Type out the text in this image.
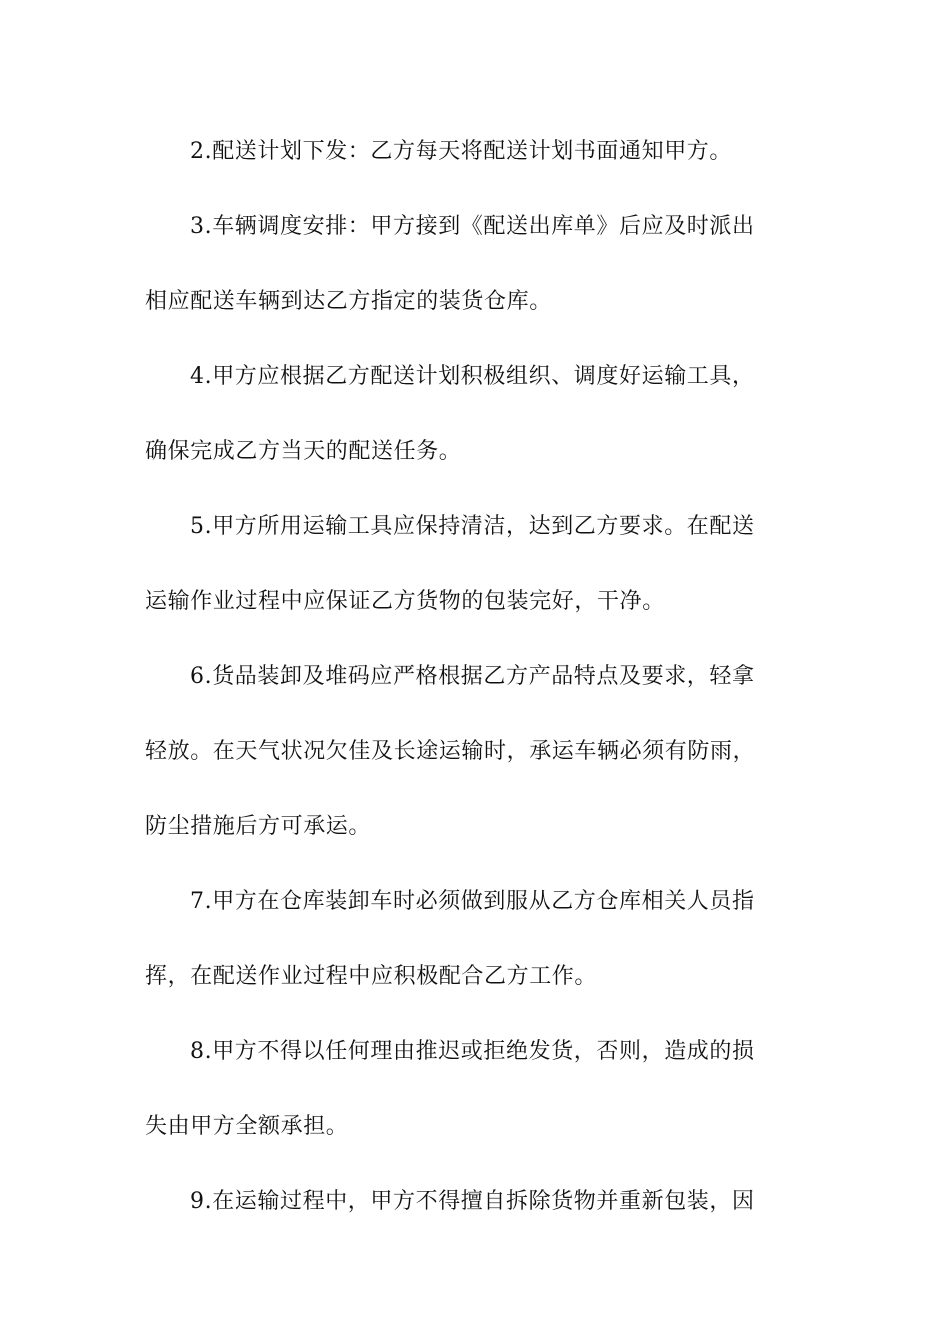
2.配送计划下发：乙方每天将配送计划书面通知甲方。
3.车辆调度安排：甲方接到《配送出库单》后应及时派出
相应配送车辆到达乙方指定的装货仓库。
4.甲方应根据乙方配送计划积极组织、调度好运输工具，
确保完成乙方当天的配送任务。
5.甲方所用运输工具应保持清洁，达到乙方要求。在配送
运输作业过程中应保证乙方货物的包装完好，干净。
6.货品装卸及堆码应严格根据乙方产品特点及要求，轻拿
轻放。在天气状况欠佳及长途运输时，承运车辆必须有防雨，
防尘措施后方可承运。
7.甲方在仓库装卸车时必须做到服从乙方仓库相关人员指
挥，在配送作业过程中应积极配合乙方工作。
8.甲方不得以任何理由推迟或拒绝发货，否则，造成的损
失由甲方全额承担。
9.在运输过程中，甲方不得擅自拆除货物并重新包装，因
